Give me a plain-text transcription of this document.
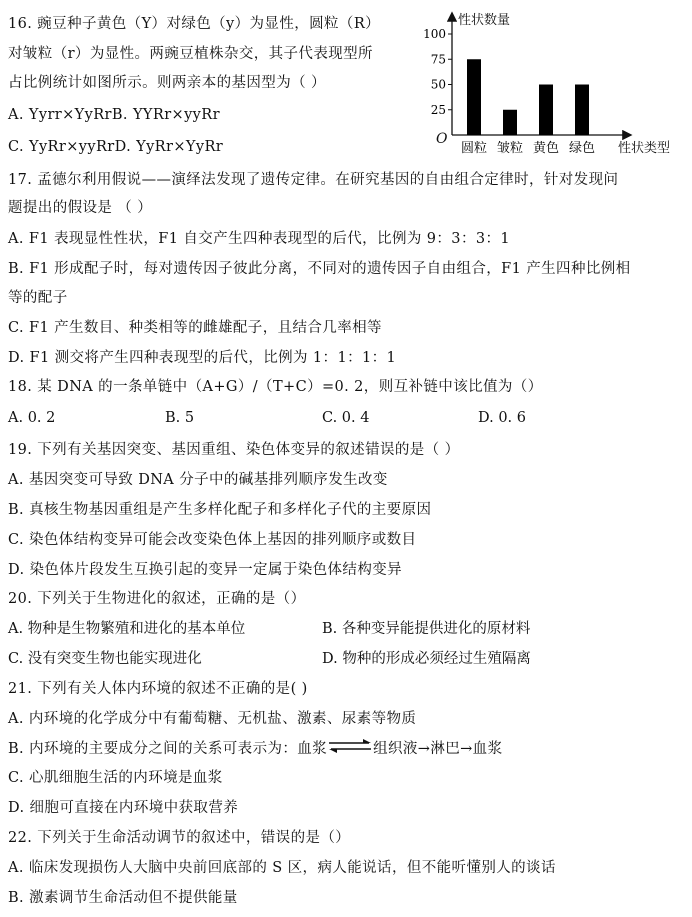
16. 豌豆种子黄色（Y）对绿色（y）为显性，圆粒（R）
对皱粒（r）为显性。两豌豆植株杂交，其子代表现型所
占比例统计如图所示。则两亲本的基因型为（ ）
A. Yyrr×YyRrB. YYRr×yyRr
C. YyRr×yyRrD. YyRr×YyRr
性状数量
O
性状类型
100
75
50
25
圆粒 皱粒 黄色 绿色
17. 孟德尔利用假说——演绎法发现了遗传定律。在研究基因的自由组合定律时，针对发现问
题提出的假设是 （ ）
A. F1 表现显性性状，F1 自交产生四种表现型的后代，比例为 9：3：3：1
B. F1 形成配子时，每对遗传因子彼此分离，不同对的遗传因子自由组合，F1 产生四种比例相
等的配子
C. F1 产生数目、种类相等的雌雄配子，且结合几率相等
D. F1 测交将产生四种表现型的后代，比例为 1：1：1：1
18. 某 DNA 的一条单链中（A+G）/（T+C）=0. 2，则互补链中该比值为（）
A. 0. 2	B. 5	C. 0. 4	D. 0. 6
19. 下列有关基因突变、基因重组、染色体变异的叙述错误的是（ ）
A. 基因突变可导致 DNA 分子中的碱基排列顺序发生改变
B. 真核生物基因重组是产生多样化配子和多样化子代的主要原因
C. 染色体结构变异可能会改变染色体上基因的排列顺序或数目
D. 染色体片段发生互换引起的变异一定属于染色体结构变异
20. 下列关于生物进化的叙述，正确的是（）
A. 物种是生物繁殖和进化的基本单位	B. 各种变异能提供进化的原材料
C. 没有突变生物也能实现进化	D. 物种的形成必须经过生殖隔离
21. 下列有关人体内环境的叙述不正确的是( )
A. 内环境的化学成分中有葡萄糖、无机盐、激素、尿素等物质
B. 内环境的主要成分之间的关系可表示为：血浆⇌组织液→淋巴→血浆
C. 心肌细胞生活的内环境是血浆
D. 细胞可直接在内环境中获取营养
22. 下列关于生命活动调节的叙述中，错误的是（）
A. 临床发现损伤人大脑中央前回底部的 S 区，病人能说话，但不能听懂别人的谈话
B. 激素调节生命活动但不提供能量
